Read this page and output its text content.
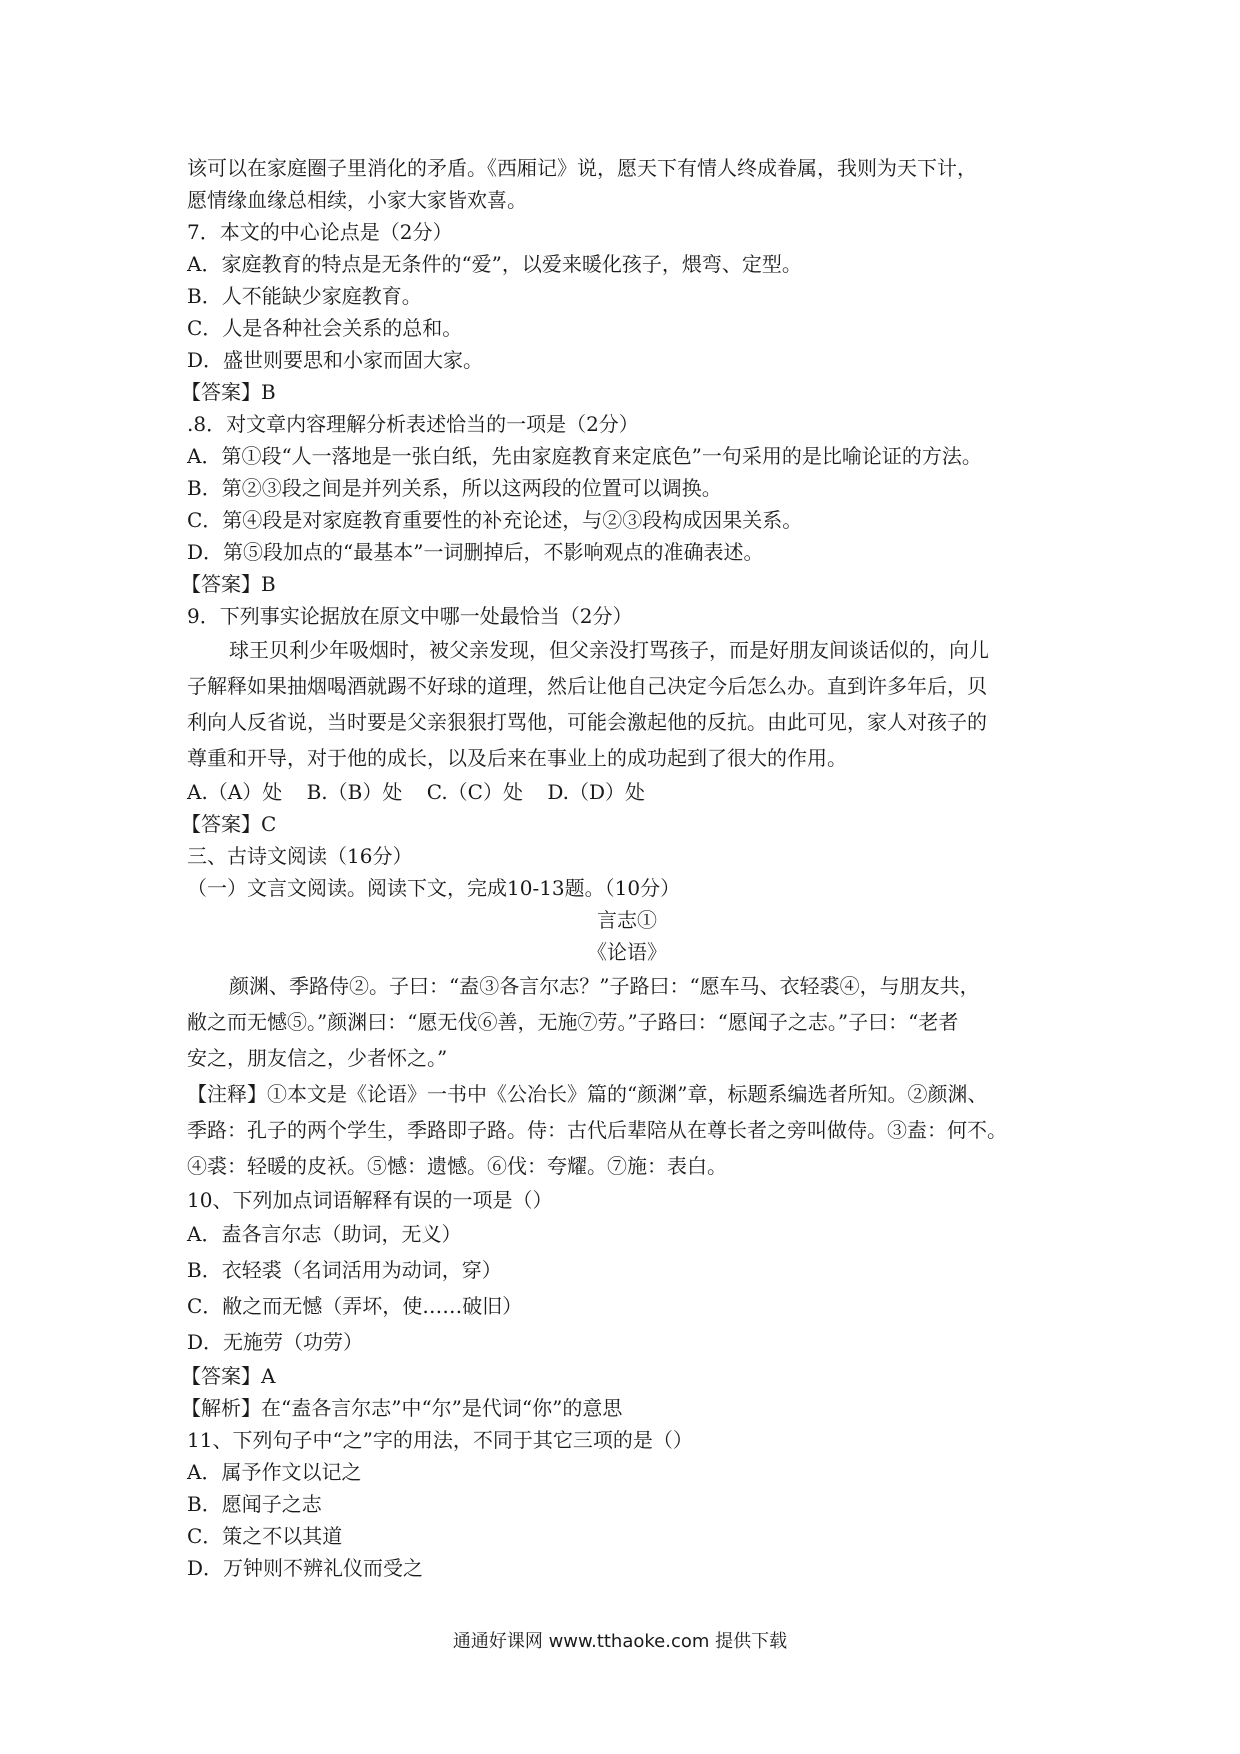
该可以在家庭圈子里消化的矛盾。《西厢记》说，愿天下有情人终成眷属，我则为天下计，
愿情缘血缘总相续，小家大家皆欢喜。
7．本文的中心论点是（2分）
A．家庭教育的特点是无条件的“爱”，以爱来暖化孩子，煨弯、定型。
B．人不能缺少家庭教育。
C．人是各种社会关系的总和。
D．盛世则要思和小家而固大家。
【答案】B
.8．对文章内容理解分析表述恰当的一项是（2分）
A．第①段“人一落地是一张白纸，先由家庭教育来定底色”一句采用的是比喻论证的方法。
B．第②③段之间是并列关系，所以这两段的位置可以调换。
C．第④段是对家庭教育重要性的补充论述，与②③段构成因果关系。
D．第⑤段加点的“最基本”一词删掉后，不影响观点的准确表述。
【答案】B
9．下列事实论据放在原文中哪一处最恰当（2分）
球王贝利少年吸烟时，被父亲发现，但父亲没打骂孩子，而是好朋友间谈话似的，向儿
子解释如果抽烟喝酒就踢不好球的道理，然后让他自己决定今后怎么办。直到许多年后，贝
利向人反省说，当时要是父亲狠狠打骂他，可能会激起他的反抗。由此可见，家人对孩子的
尊重和开导，对于他的成长，以及后来在事业上的成功起到了很大的作用。
A.（A）处 B.（B）处 C.（C）处 D.（D）处
【答案】C
三、古诗文阅读（16分）
（一）文言文阅读。阅读下文，完成10-13题。（10分）
言志①
《论语》
颜渊、季路侍②。子曰：“盍③各言尔志？”子路曰：“愿车马、衣轻裘④，与朋友共，
敝之而无憾⑤。”颜渊曰：“愿无伐⑥善，无施⑦劳。”子路曰：“愿闻子之志。”子曰：“老者
安之，朋友信之，少者怀之。”
【注释】①本文是《论语》一书中《公冶长》篇的“颜渊”章，标题系编选者所知。②颜渊、
季路：孔子的两个学生，季路即子路。侍：古代后辈陪从在尊长者之旁叫做侍。③盍：何不。
④裘：轻暖的皮袄。⑤憾：遗憾。⑥伐：夸耀。⑦施：表白。
10、下列加点词语解释有误的一项是（）
A．盍各言尔志（助词，无义）
B．衣轻裘（名词活用为动词，穿）
C．敝之而无憾（弄坏，使……破旧）
D．无施劳（功劳）
【答案】A
【解析】在“盍各言尔志”中“尔”是代词“你”的意思
11、下列句子中“之”字的用法，不同于其它三项的是（）
A．属予作文以记之
B．愿闻子之志
C．策之不以其道
D．万钟则不辨礼仪而受之
通通好课网 www.tthaoke.com 提供下载
